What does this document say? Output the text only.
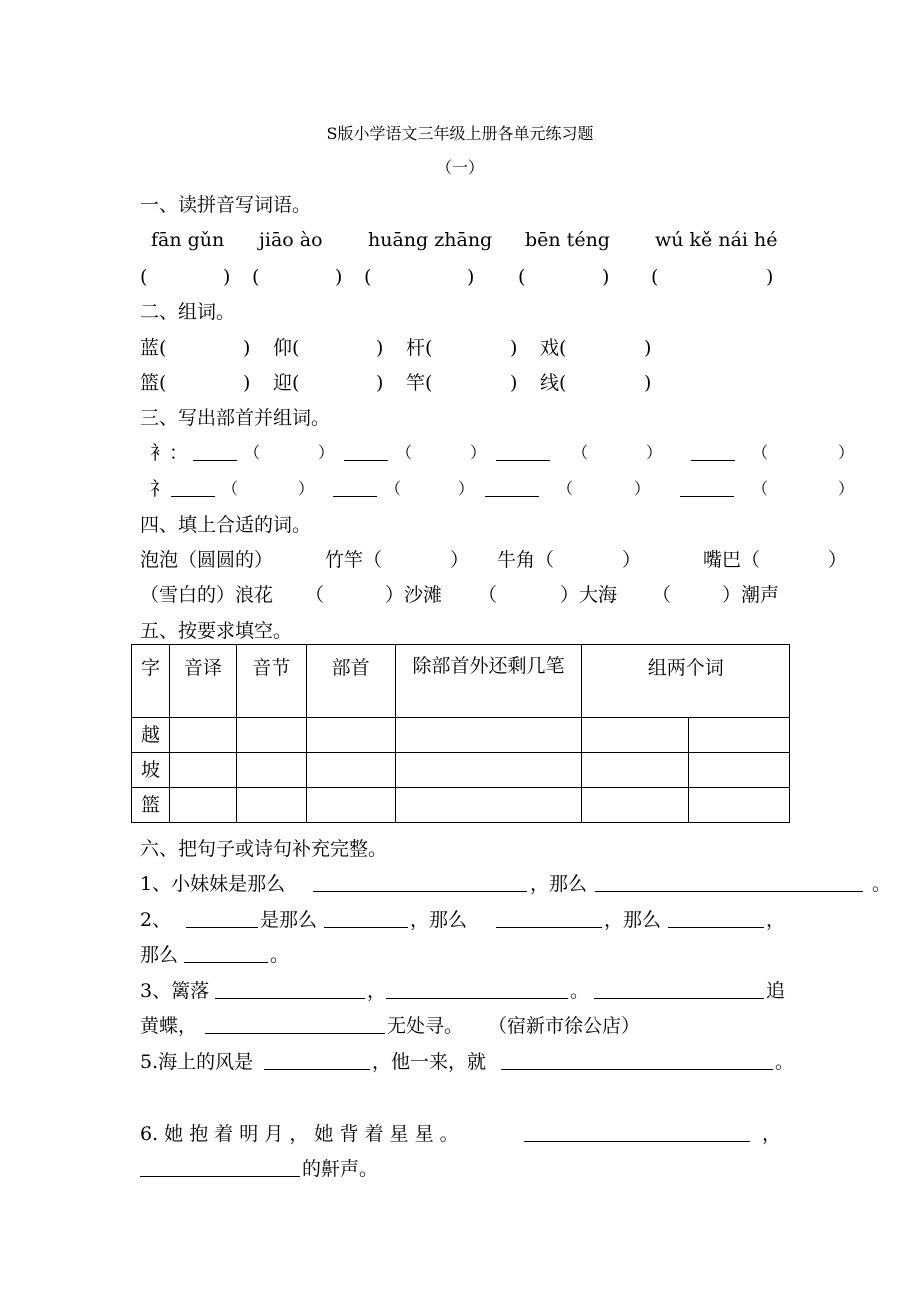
S版小学语文三年级上册各单元练习题
（一）
一、读拼音写词语。
fān gǔn jiāo ào huāng zhāng bēn téng wú kě nái hé
(	) (	) (	) (	) (	)
二、组词。
蓝(	) 仰(	) 杆(	) 戏(	)
篮(	) 迎(	) 竿(	) 线(	)
三、写出部首并组词。
衤：	（	）	（	）	（	）	（	）
礻	（	）	（	）	（	）	（	）
四、填上合适的词。
泡泡（圆圆的）	竹竿（	） 牛角（	）	嘴巴（	）
（雪白的）浪花 （	）沙滩 （	）大海 （	）潮声
五、按要求填空。
字	音译	音节	部首	除部首外还剩几笔	组两个词	
越						
坡						
篮						
六、把句子或诗句补充完整。
1、小妹妹是那么	，那么	。
2、	是那么	，那么	，那么	，
那么	。
3、篱落	，	。	追
黄蝶，	无处寻。 （宿新市徐公店）
5.海上的风是	，他一来，就	。
6. 她 抱 着 明 月 ， 她 背 着 星 星 。	，
的鼾声。
